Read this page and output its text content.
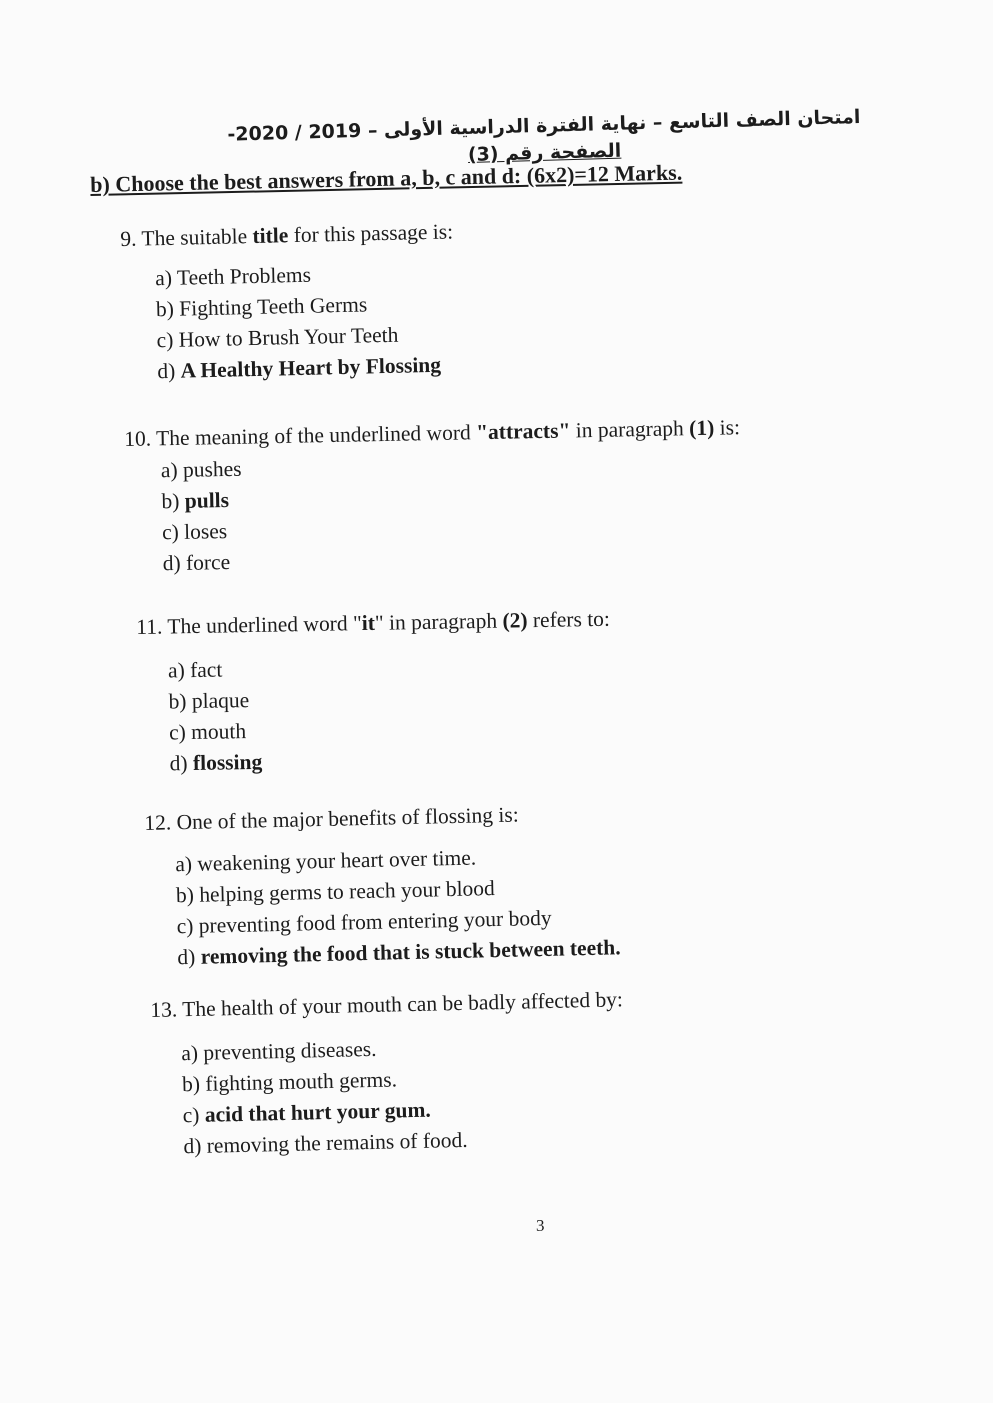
امتحان الصف التاسع – نهاية الفترة الدراسية الأولى – 2019 / 2020-
الصفحة رقم (3)
b) Choose the best answers from a, b, c and d: (6x2)=12 Marks.
9. The suitable title for this passage is:
a) Teeth Problems
b) Fighting Teeth Germs
c) How to Brush Your Teeth
d) A Healthy Heart by Flossing
10. The meaning of the underlined word "attracts" in paragraph (1) is:
a) pushes
b) pulls
c) loses
d) force
11. The underlined word "it" in paragraph (2) refers to:
a) fact
b) plaque
c) mouth
d) flossing
12. One of the major benefits of flossing is:
a) weakening your heart over time.
b) helping germs to reach your blood
c) preventing food from entering your body
d) removing the food that is stuck between teeth.
13. The health of your mouth can be badly affected by:
a) preventing diseases.
b) fighting mouth germs.
c) acid that hurt your gum.
d) removing the remains of food.
3
